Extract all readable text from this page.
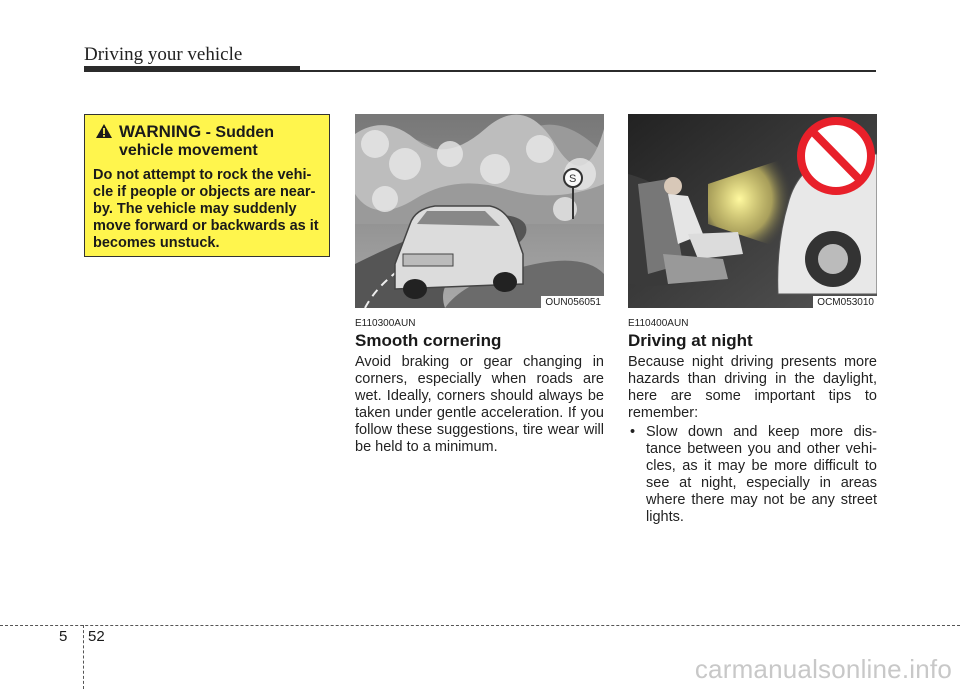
Driving your vehicle
WARNING - Sudden
vehicle movement
Do not attempt to rock the vehi-cle if people or objects are near-by. The vehicle may suddenly move forward or backwards as it becomes unstuck.
S
OUN056051	OCM053010
E110300AUN
Smooth cornering
Avoid braking or gear changing in corners, especially when roads are wet. Ideally, corners should always be taken under gentle acceleration. If you follow these suggestions, tire wear will be held to a minimum.
E110400AUN
Driving at night
Because night driving presents more hazards than driving in the daylight, here are some important tips to remember:
• Slow down and keep more dis-tance between you and other vehi-cles, as it may be more difficult to see at night, especially in areas where there may not be any street lights.
5 52
carmanualsonline.info
